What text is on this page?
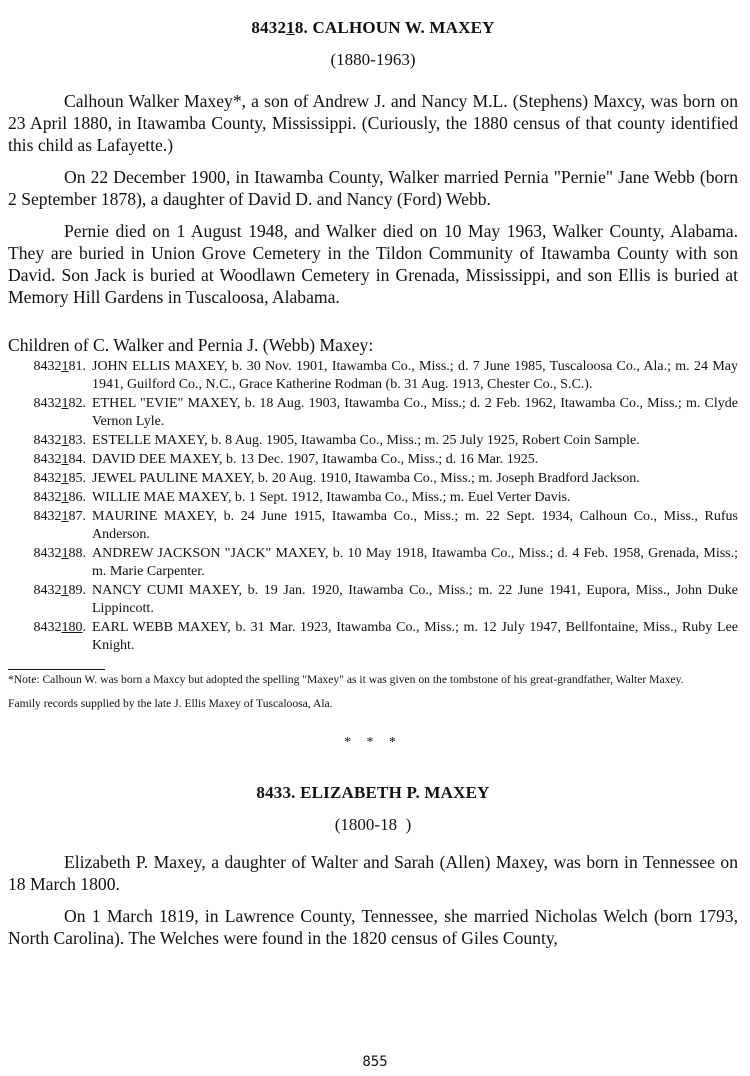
843218. CALHOUN W. MAXEY
(1880-1963)

Calhoun Walker Maxey*, a son of Andrew J. and Nancy M.L. (Stephens) Maxcy, was born on 23 April 1880, in Itawamba County, Mississippi. (Curiously, the 1880 census of that county identified this child as Lafayette.)

On 22 December 1900, in Itawamba County, Walker married Pernia "Pernie" Jane Webb (born 2 September 1878), a daughter of David D. and Nancy (Ford) Webb.

Pernie died on 1 August 1948, and Walker died on 10 May 1963, Walker County, Alabama. They are buried in Union Grove Cemetery in the Tildon Community of Itawamba County with son David. Son Jack is buried at Woodlawn Cemetery in Grenada, Mississippi, and son Ellis is buried at Memory Hill Gardens in Tuscaloosa, Alabama.

Children of C. Walker and Pernia J. (Webb) Maxey:
8432181. JOHN ELLIS MAXEY, b. 30 Nov. 1901, Itawamba Co., Miss.; d. 7 June 1985, Tuscaloosa Co., Ala.; m. 24 May 1941, Guilford Co., N.C., Grace Katherine Rodman (b. 31 Aug. 1913, Chester Co., S.C.).
8432182. ETHEL "EVIE" MAXEY, b. 18 Aug. 1903, Itawamba Co., Miss.; d. 2 Feb. 1962, Itawamba Co., Miss.; m. Clyde Vernon Lyle.
8432183. ESTELLE MAXEY, b. 8 Aug. 1905, Itawamba Co., Miss.; m. 25 July 1925, Robert Coin Sample.
8432184. DAVID DEE MAXEY, b. 13 Dec. 1907, Itawamba Co., Miss.; d. 16 Mar. 1925.
8432185. JEWEL PAULINE MAXEY, b. 20 Aug. 1910, Itawamba Co., Miss.; m. Joseph Bradford Jackson.
8432186. WILLIE MAE MAXEY, b. 1 Sept. 1912, Itawamba Co., Miss.; m. Euel Verter Davis.
8432187. MAURINE MAXEY, b. 24 June 1915, Itawamba Co., Miss.; m. 22 Sept. 1934, Calhoun Co., Miss., Rufus Anderson.
8432188. ANDREW JACKSON "JACK" MAXEY, b. 10 May 1918, Itawamba Co., Miss.; d. 4 Feb. 1958, Grenada, Miss.; m. Marie Carpenter.
8432189. NANCY CUMI MAXEY, b. 19 Jan. 1920, Itawamba Co., Miss.; m. 22 June 1941, Eupora, Miss., John Duke Lippincott.
8432180. EARL WEBB MAXEY, b. 31 Mar. 1923, Itawamba Co., Miss.; m. 12 July 1947, Bellfontaine, Miss., Ruby Lee Knight.
*Note: Calhoun W. was born a Maxcy but adopted the spelling "Maxey" as it was given on the tombstone of his great-grandfather, Walter Maxey.
Family records supplied by the late J. Ellis Maxey of Tuscaloosa, Ala.
* * *
8433. ELIZABETH P. MAXEY
(1800-18  )

Elizabeth P. Maxey, a daughter of Walter and Sarah (Allen) Maxey, was born in Tennessee on 18 March 1800.

On 1 March 1819, in Lawrence County, Tennessee, she married Nicholas Welch (born 1793, North Carolina). The Welches were found in the 1820 census of Giles County,

855
